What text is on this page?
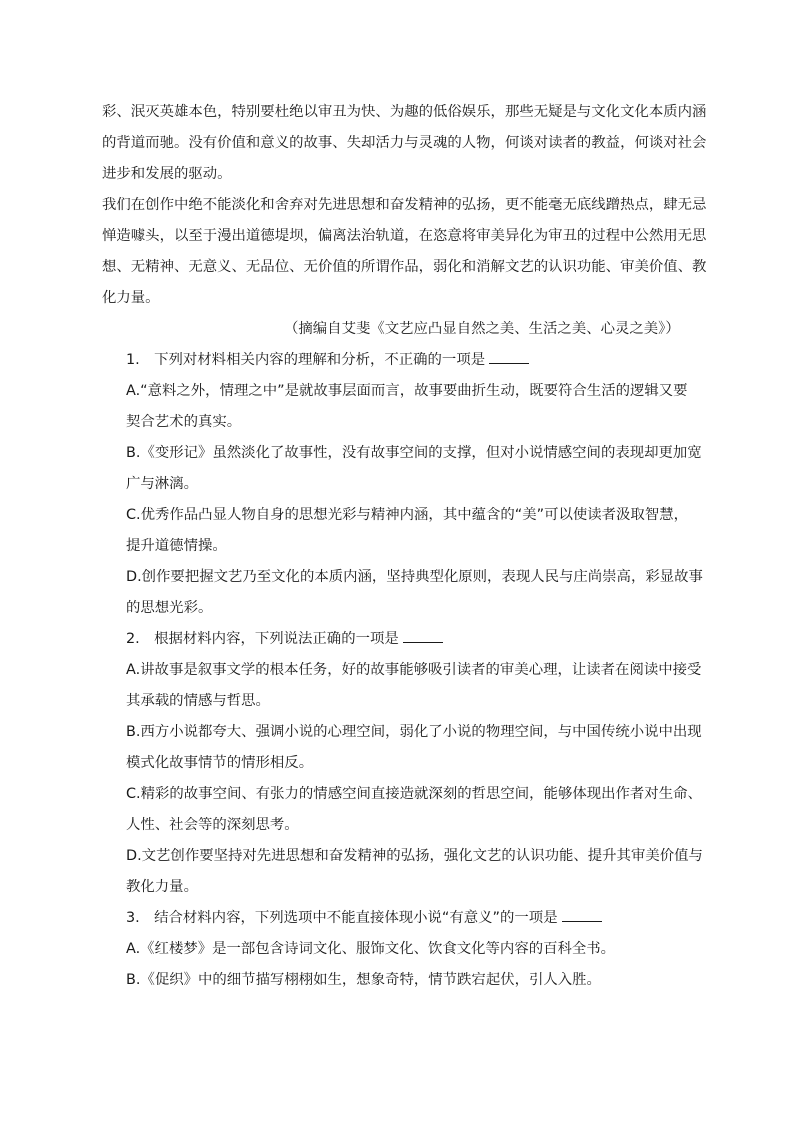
彩、泯灭英雄本色，特别要杜绝以审丑为快、为趣的低俗娱乐，那些无疑是与文化文化本质内涵
的背道而驰。没有价值和意义的故事、失却活力与灵魂的人物，何谈对读者的教益，何谈对社会
进步和发展的驱动。
我们在创作中绝不能淡化和舍弃对先进思想和奋发精神的弘扬，更不能毫无底线蹭热点，肆无忌
惮造噱头，以至于漫出道德堤坝，偏离法治轨道，在恣意将审美异化为审丑的过程中公然用无思
想、无精神、无意义、无品位、无价值的所谓作品，弱化和消解文艺的认识功能、审美价值、教
化力量。
（摘编自艾斐《文艺应凸显自然之美、生活之美、心灵之美》）
1.　下列对材料相关内容的理解和分析，不正确的一项是
A.“意料之外，情理之中”是就故事层面而言，故事要曲折生动，既要符合生活的逻辑又要
契合艺术的真实。
B.《变形记》虽然淡化了故事性，没有故事空间的支撑，但对小说情感空间的表现却更加宽
广与淋漓。
C.优秀作品凸显人物自身的思想光彩与精神内涵，其中蕴含的“美”可以使读者汲取智慧，
提升道德情操。
D.创作要把握文艺乃至文化的本质内涵，坚持典型化原则，表现人民与庄尚崇高，彩显故事
的思想光彩。
2.　根据材料内容，下列说法正确的一项是
A.讲故事是叙事文学的根本任务，好的故事能够吸引读者的审美心理，让读者在阅读中接受
其承载的情感与哲思。
B.西方小说都夸大、强调小说的心理空间，弱化了小说的物理空间，与中国传统小说中出现
模式化故事情节的情形相反。
C.精彩的故事空间、有张力的情感空间直接造就深刻的哲思空间，能够体现出作者对生命、
人性、社会等的深刻思考。
D.文艺创作要坚持对先进思想和奋发精神的弘扬，强化文艺的认识功能、提升其审美价值与
教化力量。
3.　结合材料内容，下列选项中不能直接体现小说“有意义”的一项是
A.《红楼梦》是一部包含诗词文化、服饰文化、饮食文化等内容的百科全书。
B.《促织》中的细节描写栩栩如生，想象奇特，情节跌宕起伏，引人入胜。
